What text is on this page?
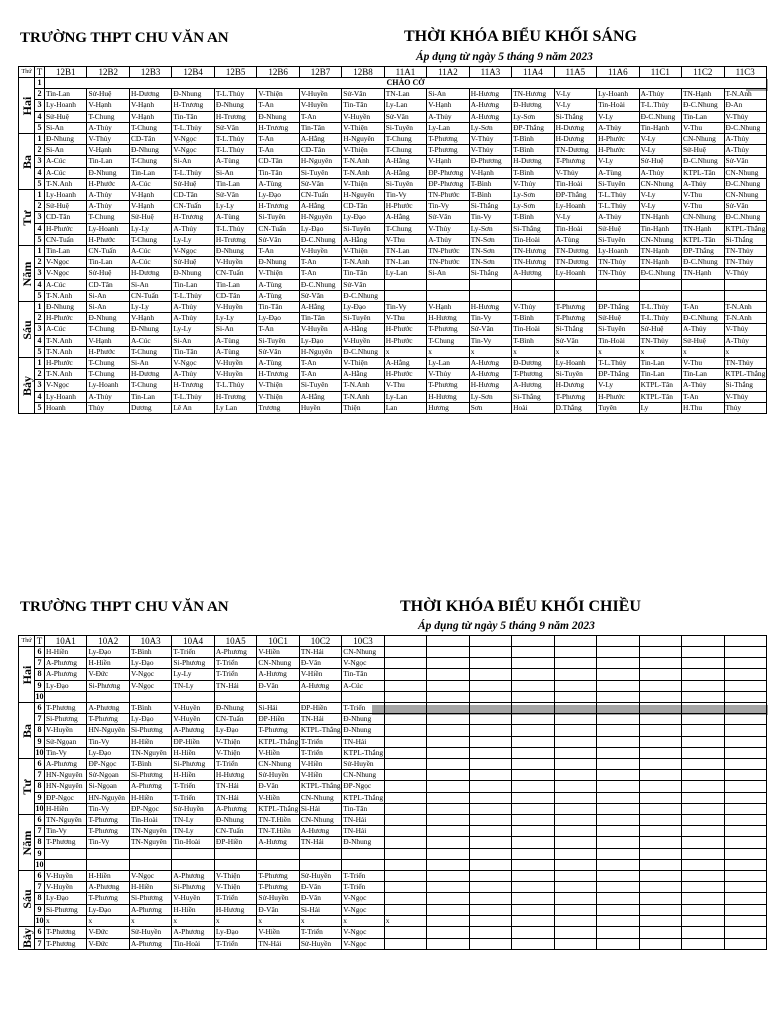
TRƯỜNG THPT CHU VĂN AN	THỜI KHÓA BIỂU KHỐI SÁNG
Áp dụng từ ngày 5 tháng 9 năm 2023
Thứ	T	12B1	12B2	12B3	12B4	12B5	12B6	12B7	12B8	11A1	11A2	11A3	11A4	11A5	11A6	11C1	11C2	11C3

Hai	1	CHÀO CỜ																
	2	Tin-Lan	Sử-Huệ	H-Dương	Đ-Nhung	T-L.Thủy	V-Thiện	V-Huyền	Sử-Vân	TN-Lan	Si-An	H-Hương	TN-Hương	V-Ly	Ly-Hoanh	A-Thủy	TN-Hạnh	T-N.Anh
	3	Ly-Hoanh	V-Hạnh	V-Hạnh	H-Trương	Đ-Nhung	T-An	V-Huyền	Tin-Tân	Ly-Lan	V-Hạnh	A-Hương	Đ-Hương	V-Ly	Tin-Hoài	T-L.Thủy	Đ-C.Nhung	Đ-An
	4	Sử-Huệ	T-Chung	V-Hạnh	Tin-Tân	H-Trương	Đ-Nhung	T-An	V-Huyền	Sử-Vân	A-Thủy	A-Hương	Ly-Sơn	Si-Thắng	V-Ly	Đ-C.Nhung	Tin-Lan	V-Thủy
	5	Si-An	A-Thủy	T-Chung	T-L.Thủy	Sử-Vân	H-Trương	Tin-Tân	V-Thiện	Si-Tuyên	Ly-Lan	Ly-Sơn	ĐP-Thắng	H-Dương	A-Thủy	Tin-Hạnh	V-Thu	Đ-C.Nhung

Ba	1	Đ-Nhung	V-Thủy	CD-Tân	V-Ngọc	T-L.Thủy	T-An	A-Hằng	H-Nguyên	T-Chung	T-Phương	V-Thủy	T-Bình	H-Dương	H-Phước	V-Ly	CN-Nhung	A-Thủy
	2	Si-An	V-Hạnh	Đ-Nhung	V-Ngọc	T-L.Thủy	T-An	CD-Tân	V-Thiện	T-Chung	T-Phương	V-Thủy	T-Bình	TN-Dương	H-Phước	V-Ly	Sử-Huệ	A-Thủy
	3	A-Cúc	Tin-Lan	T-Chung	Si-An	A-Tùng	CD-Tân	H-Nguyên	T-N.Anh	A-Hằng	V-Hạnh	Đ-Phương	H-Dương	T-Phương	V-Ly	Sử-Huệ	Đ-C.Nhung	Sử-Vân
	4	A-Cúc	Đ-Nhung	Tin-Lan	T-L.Thủy	Si-An	Tin-Tân	Si-Tuyên	T-N.Anh	A-Hằng	ĐP-Phương	V-Hạnh	T-Bình	V-Thủy	A-Tùng	A-Thủy	KTPL-Tân	CN-Nhung
	5	T-N.Anh	H-Phước	A-Cúc	Sử-Huệ	Tin-Lan	A-Tùng	Sử-Vân	V-Thiện	Si-Tuyên	ĐP-Phương	T-Bình	V-Thủy	Tin-Hoài	Si-Tuyên	CN-Nhung	A-Thủy	Đ-C.Nhung

Tư	1	Ly-Hoanh	A-Thủy	V-Hạnh	CD-Tân	Sử-Vân	Ly-Đạo	CN-Tuấn	H-Nguyên	Tin-Vy	TN-Phước	T-Bình	Ly-Sơn	ĐP-Thắng	T-L.Thủy	V-Ly	V-Thu	CN-Nhung
	2	Sử-Huệ	A-Thủy	V-Hạnh	CN-Tuấn	Ly-Ly	H-Trương	A-Hằng	CD-Tân	H-Phước	Tin-Vy	Si-Thắng	Ly-Sơn	Ly-Hoanh	T-L.Thủy	V-Ly	V-Thu	Sử-Vân
	3	CD-Tân	T-Chung	Sử-Huệ	H-Trương	A-Tùng	Si-Tuyên	H-Nguyên	Ly-Đạo	A-Hằng	Sử-Vân	Tin-Vy	T-Bình	V-Ly	A-Thủy	TN-Hạnh	CN-Nhung	Đ-C.Nhung
	4	H-Phước	Ly-Hoanh	Ly-Ly	A-Thủy	T-L.Thủy	CN-Tuấn	Ly-Đạo	Si-Tuyên	T-Chung	V-Thủy	Ly-Sơn	Si-Thắng	Tin-Hoài	Sử-Huệ	Tin-Hạnh	TN-Hạnh	KTPL-Thắng
	5	CN-Tuấn	H-Phước	T-Chung	Ly-Ly	H-Trương	Sử-Vân	Đ-C.Nhung	A-Hằng	V-Thu	A-Thủy	TN-Sơn	Tin-Hoài	A-Tùng	Si-Tuyên	CN-Nhung	KTPL-Tân	Si-Thắng

Năm	1	Tin-Lan	CN-Tuấn	A-Cúc	V-Ngọc	Đ-Nhung	T-An	V-Huyền	V-Thiện	TN-Lan	TN-Phước	TN-Sơn	TN-Hương	TN-Dương	Ly-Hoanh	TN-Hạnh	ĐP-Thắng	TN-Thủy
	2	V-Ngọc	Tin-Lan	A-Cúc	Sử-Huệ	V-Huyền	Đ-Nhung	T-An	T-N.Anh	TN-Lan	TN-Phước	TN-Sơn	TN-Hương	TN-Dương	TN-Thủy	TN-Hạnh	Đ-C.Nhung	TN-Thủy
	3	V-Ngọc	Sử-Huệ	H-Dương	Đ-Nhung	CN-Tuấn	V-Thiện	T-An	Tin-Tân	Ly-Lan	Si-An	Si-Thắng	A-Hương	Ly-Hoanh	TN-Thủy	Đ-C.Nhung	TN-Hạnh	V-Thủy
	4	A-Cúc	CD-Tân	Si-An	Tin-Lan	Tin-Lan	A-Tùng	Đ-C.Nhung	Sử-Vân									
	5	T-N.Anh	Si-An	CN-Tuấn	T-L.Thủy	CD-Tân	A-Tùng	Sử-Vân	Đ-C.Nhung									

Sáu	1	Đ-Nhung	Si-An	Ly-Ly	A-Thủy	V-Huyền	Tin-Tân	A-Hằng	Ly-Đạo	Tin-Vy	V-Hạnh	H-Hương	V-Thủy	T-Phương	ĐP-Thắng	T-L.Thủy	T-An	T-N.Anh
	2	H-Phước	Đ-Nhung	V-Hạnh	A-Thủy	Ly-Ly	Ly-Đạo	Tin-Tân	Si-Tuyên	V-Thu	H-Hương	Tin-Vy	T-Bình	T-Phương	Sử-Huệ	T-L.Thủy	Đ-C.Nhung	T-N.Anh
	3	A-Cúc	T-Chung	Đ-Nhung	Ly-Ly	Si-An	T-An	V-Huyền	A-Hằng	H-Phước	T-Phương	Sử-Vân	Tin-Hoài	Si-Thắng	Si-Tuyên	Sử-Huệ	A-Thủy	V-Thủy
	4	T-N.Anh	V-Hạnh	A-Cúc	Si-An	A-Tùng	Si-Tuyên	Ly-Đạo	V-Huyền	H-Phước	T-Chung	Tin-Vy	T-Bình	Sử-Vân	Tin-Hoài	TN-Thủy	Sử-Huệ	A-Thủy
	5	T-N.Anh	H-Phước	T-Chung	Tin-Tân	A-Tùng	Sử-Vân	H-Nguyên	Đ-C.Nhung	x	x	x	x	x	x	x	x	x

Bảy	1	H-Phước	T-Chung	Si-An	V-Ngọc	V-Huyền	A-Tùng	T-An	V-Thiện	A-Hằng	Ly-Lan	A-Hương	Đ-Dương	Ly-Hoanh	T-L.Thủy	Tin-Lan	V-Thu	TN-Thủy
	2	T-N.Anh	T-Chung	H-Dương	A-Thủy	V-Huyền	H-Trương	T-An	A-Hằng	H-Phước	V-Thủy	A-Hương	T-Phương	Si-Tuyên	ĐP-Thắng	Tin-Lan	Tin-Lan	KTPL-Thắng
	3	V-Ngọc	Ly-Hoanh	T-Chung	H-Trương	T-L.Thủy	V-Thiện	Si-Tuyên	T-N.Anh	V-Thu	T-Phương	H-Hương	A-Hương	H-Dương	V-Ly	KTPL-Tân	A-Thủy	Si-Thắng
	4	Ly-Hoanh	A-Thủy	Tin-Lan	T-L.Thủy	H-Trương	V-Thiện	A-Hằng	T-N.Anh	Ly-Lan	H-Hương	Ly-Sơn	Si-Thắng	T-Phương	H-Phước	KTPL-Tân	T-An	V-Thủy
	5	Hoanh	Thủy	Dương	Lê An	Ly Lan	Trương	Huyền	Thiện	Lan	Hương	Sơn	Hoài	D.Thắng	Tuyên	Ly	H.Thu	Thủy
TRƯỜNG THPT CHU VĂN AN	THỜI KHÓA BIỂU KHỐI CHIỀU
Áp dụng từ ngày 5 tháng 9 năm 2023
Thứ	T	10A1	10A2	10A3	10A4	10A5	10C1	10C2	10C3									

Hai	6	H-Hiền	Ly-Đạo	T-Bình	T-Triển	A-Phương	V-Hiền	TN-Hải	CN-Nhung									
	7	A-Phương	H-Hiền	Ly-Đạo	Si-Phương	T-Triển	CN-Nhung	Đ-Vân	V-Ngọc									
	8	A-Phương	V-Đức	V-Ngọc	Ly-Ly	T-Triển	A-Hương	V-Hiền	Tin-Tân									
	9	Ly-Đạo	Si-Phương	V-Ngọc	TN-Ly	TN-Hải	Đ-Vân	A-Hương	A-Cúc									
	10																	

Ba	6	T-Phương	A-Phương	T-Bình	V-Huyền	Đ-Nhung	Si-Hải	ĐP-Hiền	T-Triển									
	7	Si-Phương	T-Phương	Ly-Đạo	V-Huyền	CN-Tuấn	ĐP-Hiền	TN-Hải	Đ-Nhung									
	8	V-Huyền	HN-Nguyên	Si-Phương	A-Phương	Ly-Đạo	T-Phương	KTPL-Thắng	Đ-Nhung									
	9	Sử-Ngọan	Tin-Vy	H-Hiền	ĐP-Hiền	V-Thiện	KTPL-Thắng	T-Triển	TN-Hải									
	10	Tin-Vy	Ly-Đạo	TN-Nguyên	H-Hiền	V-Thiện	V-Hiền	T-Triển	KTPL-Thắng									

Tư	6	A-Phương	ĐP-Ngọc	T-Bình	Si-Phương	T-Triển	CN-Nhung	V-Hiền	Sử-Huyền									
	7	HN-Nguyên	Sử-Ngọan	Si-Phương	H-Hiền	H-Hương	Sử-Huyền	V-Hiền	CN-Nhung									
	8	HN-Nguyên	Si-Ngọan	A-Phương	T-Triển	TN-Hải	Đ-Vân	KTPL-Thắng	ĐP-Ngọc									
	9	ĐP-Ngọc	HN-Nguyên	H-Hiền	T-Triển	TN-Hải	V-Hiền	CN-Nhung	KTPL-Thắng									
	10	H-Hiền	Tin-Vy	ĐP-Ngọc	Sử-Huyền	A-Phương	KTPL-Thắng	Si-Hải	Tin-Tân									

Năm	6	TN-Nguyên	T-Phương	Tin-Hoài	TN-Ly	Đ-Nhung	TN-T.Hiền	CN-Nhung	TN-Hải									
	7	Tin-Vy	T-Phương	TN-Nguyên	TN-Ly	CN-Tuấn	TN-T.Hiền	A-Hương	TN-Hải									
	8	T-Phương	Tin-Vy	TN-Nguyên	Tin-Hoài	ĐP-Hiền	A-Hương	TN-Hải	Đ-Nhung									
	9																	
	10																	

Sáu	6	V-Huyền	H-Hiền	V-Ngọc	A-Phương	V-Thiện	T-Phương	Sử-Huyền	T-Triển									
	7	V-Huyền	A-Phương	H-Hiền	Si-Phương	V-Thiện	T-Phương	Đ-Vân	T-Triển									
	8	Ly-Đạo	T-Phương	Si-Phương	V-Huyền	T-Triển	Sử-Huyền	Đ-Vân	V-Ngọc									
	9	Si-Phương	Ly-Đạo	A-Phương	H-Hiền	H-Hương	Đ-Vân	Si-Hải	V-Ngọc									
	10	x	x	x	x	x	x	x	x	x								

Bảy	6	T-Phương	V-Đức	Sử-Huyền	A-Phương	Ly-Đạo	V-Hiền	T-Triển	V-Ngọc									
	7	T-Phương	V-Đức	A-Phương	Tin-Hoài	T-Triển	TN-Hải	Sử-Huyền	V-Ngọc									
